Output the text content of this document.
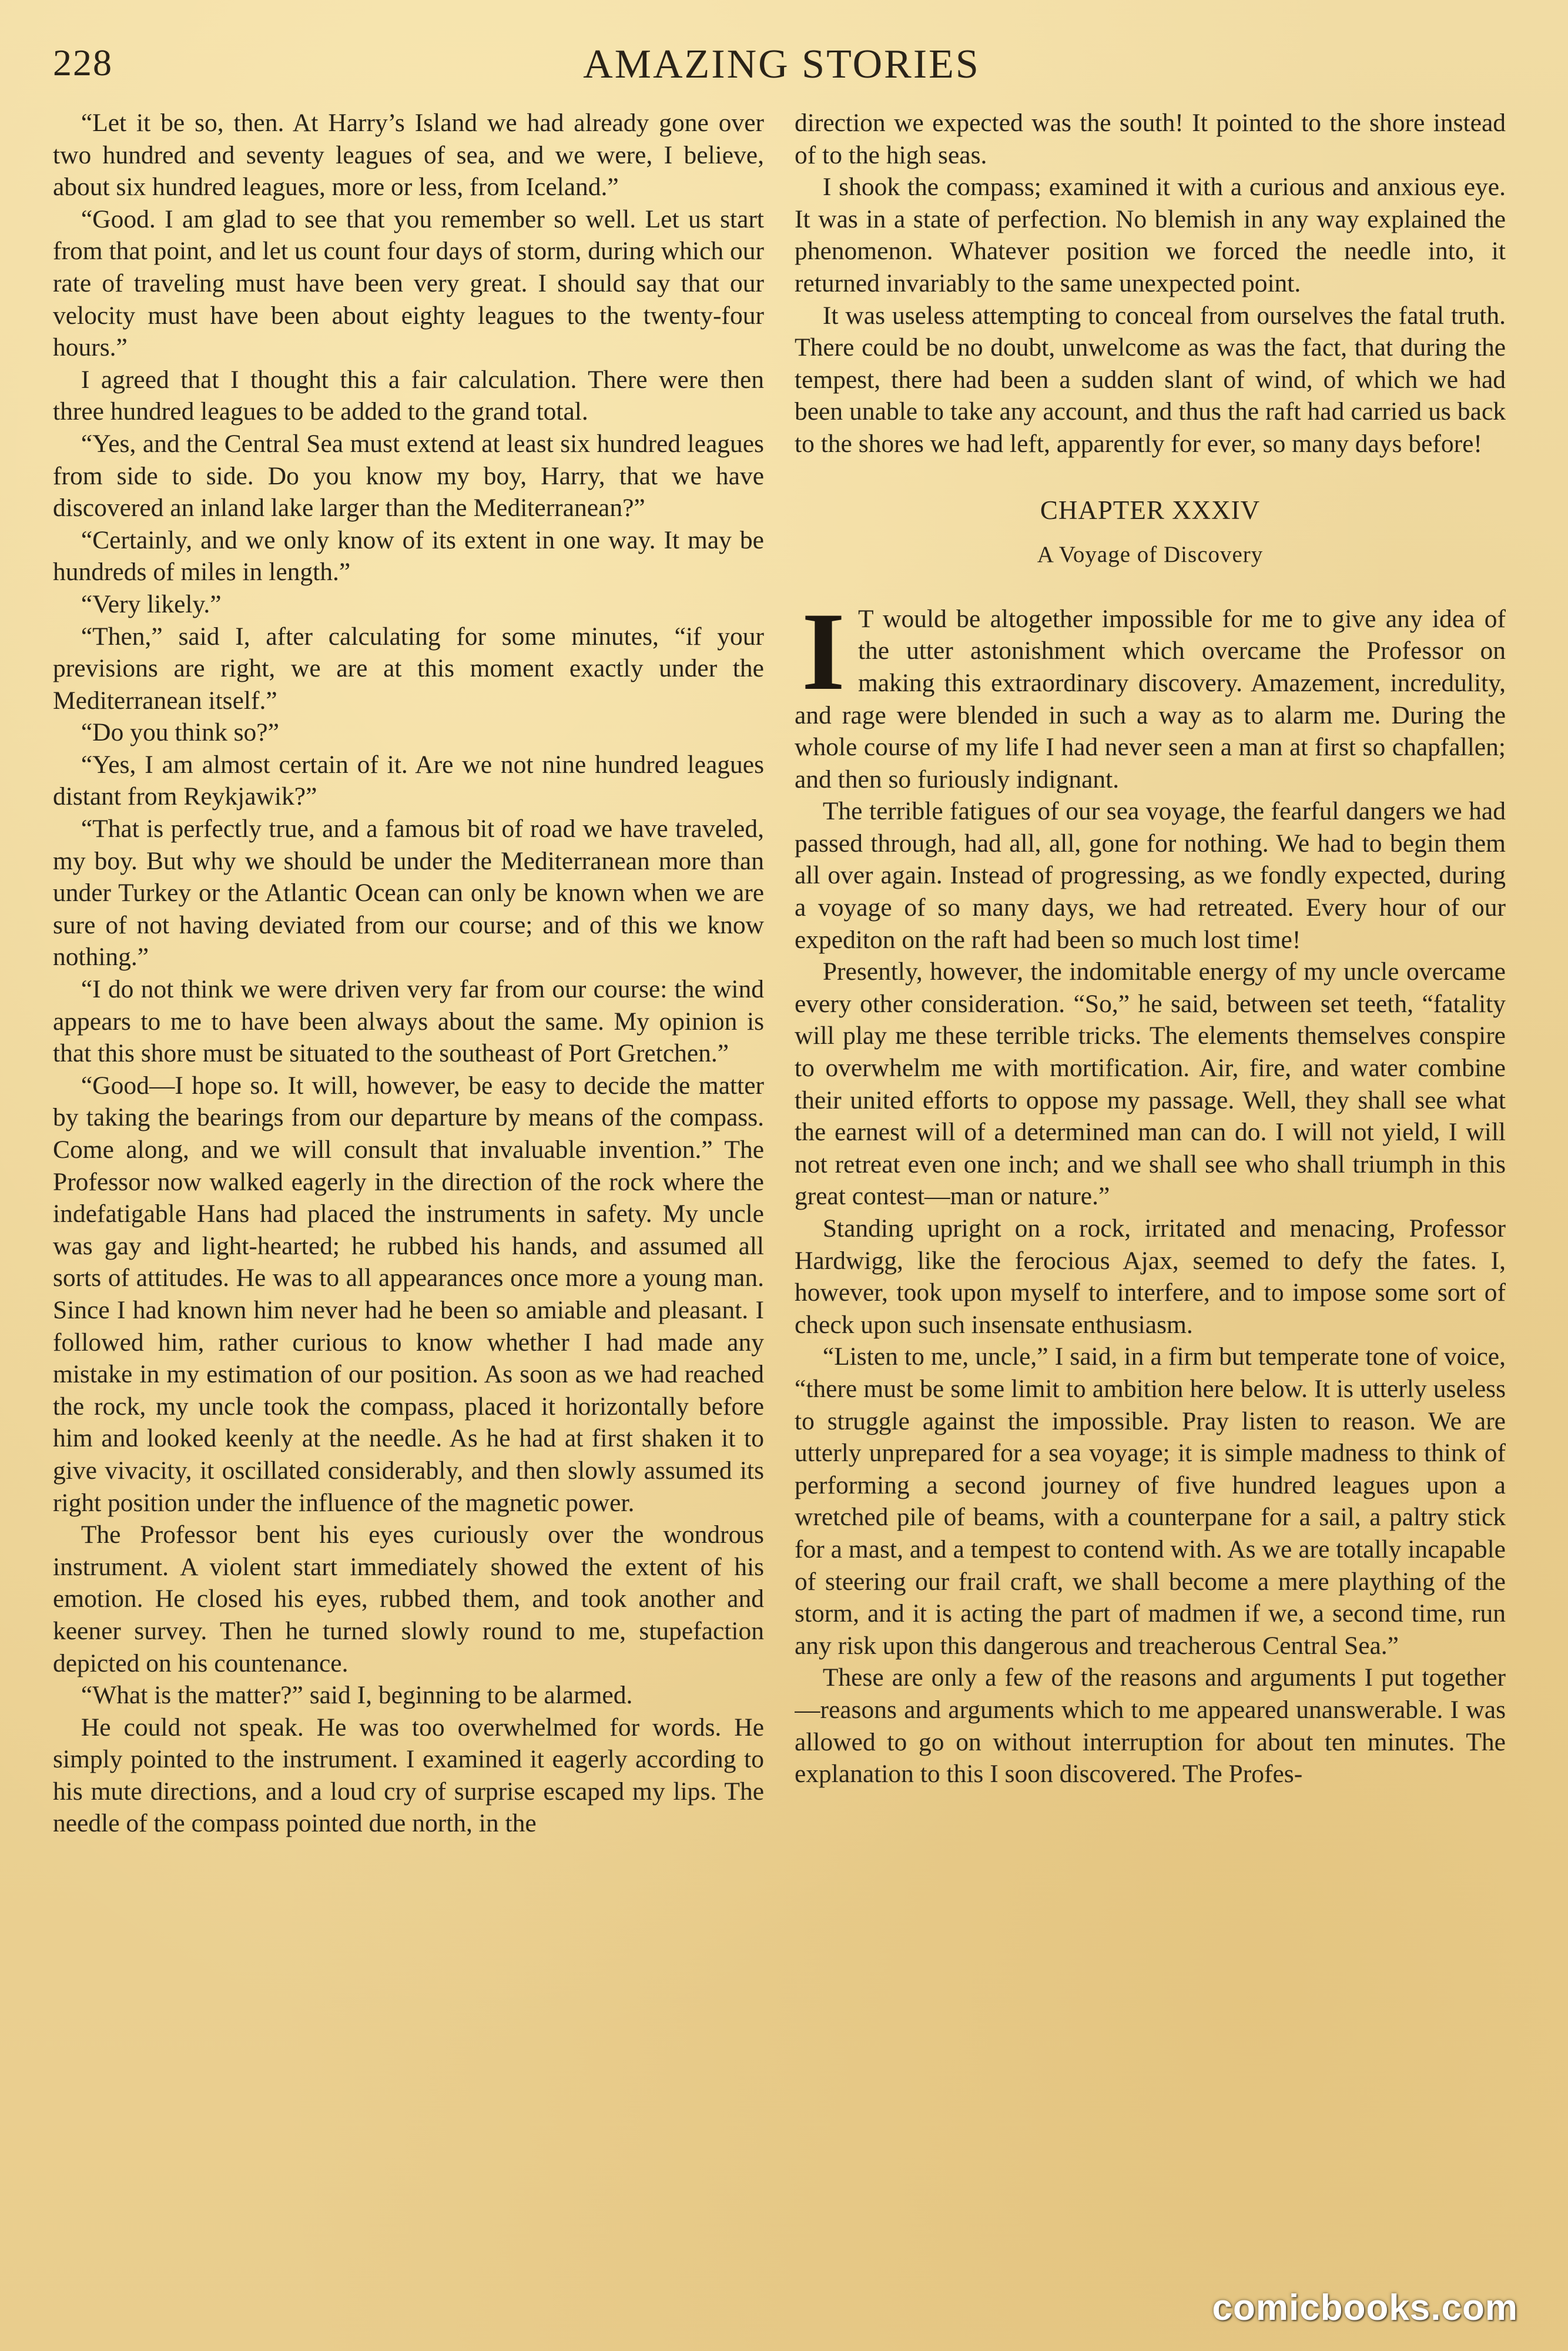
228	AMAZING STORIES

“Let it be so, then. At Harry’s Island we had already gone over two hundred and seventy leagues of sea, and we were, I believe, about six hundred leagues, more or less, from Iceland.”

“Good. I am glad to see that you remember so well. Let us start from that point, and let us count four days of storm, during which our rate of traveling must have been very great. I should say that our velocity must have been about eighty leagues to the twenty-four hours.”

I agreed that I thought this a fair calculation. There were then three hundred leagues to be added to the grand total.

“Yes, and the Central Sea must extend at least six hundred leagues from side to side. Do you know my boy, Harry, that we have discovered an inland lake larger than the Mediterranean?”

“Certainly, and we only know of its extent in one way. It may be hundreds of miles in length.”

“Very likely.”

“Then,” said I, after calculating for some minutes, “if your previsions are right, we are at this moment exactly under the Mediterranean itself.”

“Do you think so?”

“Yes, I am almost certain of it. Are we not nine hundred leagues distant from Reykjawik?”

“That is perfectly true, and a famous bit of road we have traveled, my boy. But why we should be under the Mediterranean more than under Turkey or the Atlantic Ocean can only be known when we are sure of not having deviated from our course; and of this we know nothing.”

“I do not think we were driven very far from our course: the wind appears to me to have been always about the same. My opinion is that this shore must be situated to the southeast of Port Gretchen.”

“Good—I hope so. It will, however, be easy to decide the matter by taking the bearings from our departure by means of the compass. Come along, and we will consult that invaluable invention.” The Professor now walked eagerly in the direction of the rock where the indefatigable Hans had placed the instruments in safety. My uncle was gay and light-hearted; he rubbed his hands, and assumed all sorts of attitudes. He was to all appearances once more a young man. Since I had known him never had he been so amiable and pleasant. I followed him, rather curious to know whether I had made any mistake in my estimation of our position. As soon as we had reached the rock, my uncle took the compass, placed it horizontally before him and looked keenly at the needle. As he had at first shaken it to give vivacity, it oscillated considerably, and then slowly assumed its right position under the influence of the magnetic power.

The Professor bent his eyes curiously over the wondrous instrument. A violent start immediately showed the extent of his emotion. He closed his eyes, rubbed them, and took another and keener survey. Then he turned slowly round to me, stupefaction depicted on his countenance.

“What is the matter?” said I, beginning to be alarmed.

He could not speak. He was too overwhelmed for words. He simply pointed to the instrument. I examined it eagerly according to his mute directions, and a loud cry of surprise escaped my lips. The needle of the compass pointed due north, in the

direction we expected was the south! It pointed to the shore instead of to the high seas.

I shook the compass; examined it with a curious and anxious eye. It was in a state of perfection. No blemish in any way explained the phenomenon. Whatever position we forced the needle into, it returned invariably to the same unexpected point.

It was useless attempting to conceal from ourselves the fatal truth. There could be no doubt, unwelcome as was the fact, that during the tempest, there had been a sudden slant of wind, of which we had been unable to take any account, and thus the raft had carried us back to the shores we had left, apparently for ever, so many days before!

CHAPTER XXXIV
A Voyage of Discovery

I T would be altogether impossible for me to give any idea of the utter astonishment which overcame the Professor on making this extraordinary discovery. Amazement, incredulity, and rage were blended in such a way as to alarm me. During the whole course of my life I had never seen a man at first so chapfallen; and then so furiously indignant.

The terrible fatigues of our sea voyage, the fearful dangers we had passed through, had all, all, gone for nothing. We had to begin them all over again. Instead of progressing, as we fondly expected, during a voyage of so many days, we had retreated. Every hour of our expediton on the raft had been so much lost time!

Presently, however, the indomitable energy of my uncle overcame every other consideration. “So,” he said, between set teeth, “fatality will play me these terrible tricks. The elements themselves conspire to overwhelm me with mortification. Air, fire, and water combine their united efforts to oppose my passage. Well, they shall see what the earnest will of a determined man can do. I will not yield, I will not retreat even one inch; and we shall see who shall triumph in this great contest—man or nature.”

Standing upright on a rock, irritated and menacing, Professor Hardwigg, like the ferocious Ajax, seemed to defy the fates. I, however, took upon myself to interfere, and to impose some sort of check upon such insensate enthusiasm.

“Listen to me, uncle,” I said, in a firm but temperate tone of voice, “there must be some limit to ambition here below. It is utterly useless to struggle against the impossible. Pray listen to reason. We are utterly unprepared for a sea voyage; it is simple madness to think of performing a second journey of five hundred leagues upon a wretched pile of beams, with a counterpane for a sail, a paltry stick for a mast, and a tempest to contend with. As we are totally incapable of steering our frail craft, we shall become a mere plaything of the storm, and it is acting the part of madmen if we, a second time, run any risk upon this dangerous and treacherous Central Sea.”

These are only a few of the reasons and arguments I put together—reasons and arguments which to me appeared unanswerable. I was allowed to go on without interruption for about ten minutes. The explanation to this I soon discovered. The Profes-

comicbooks.com
